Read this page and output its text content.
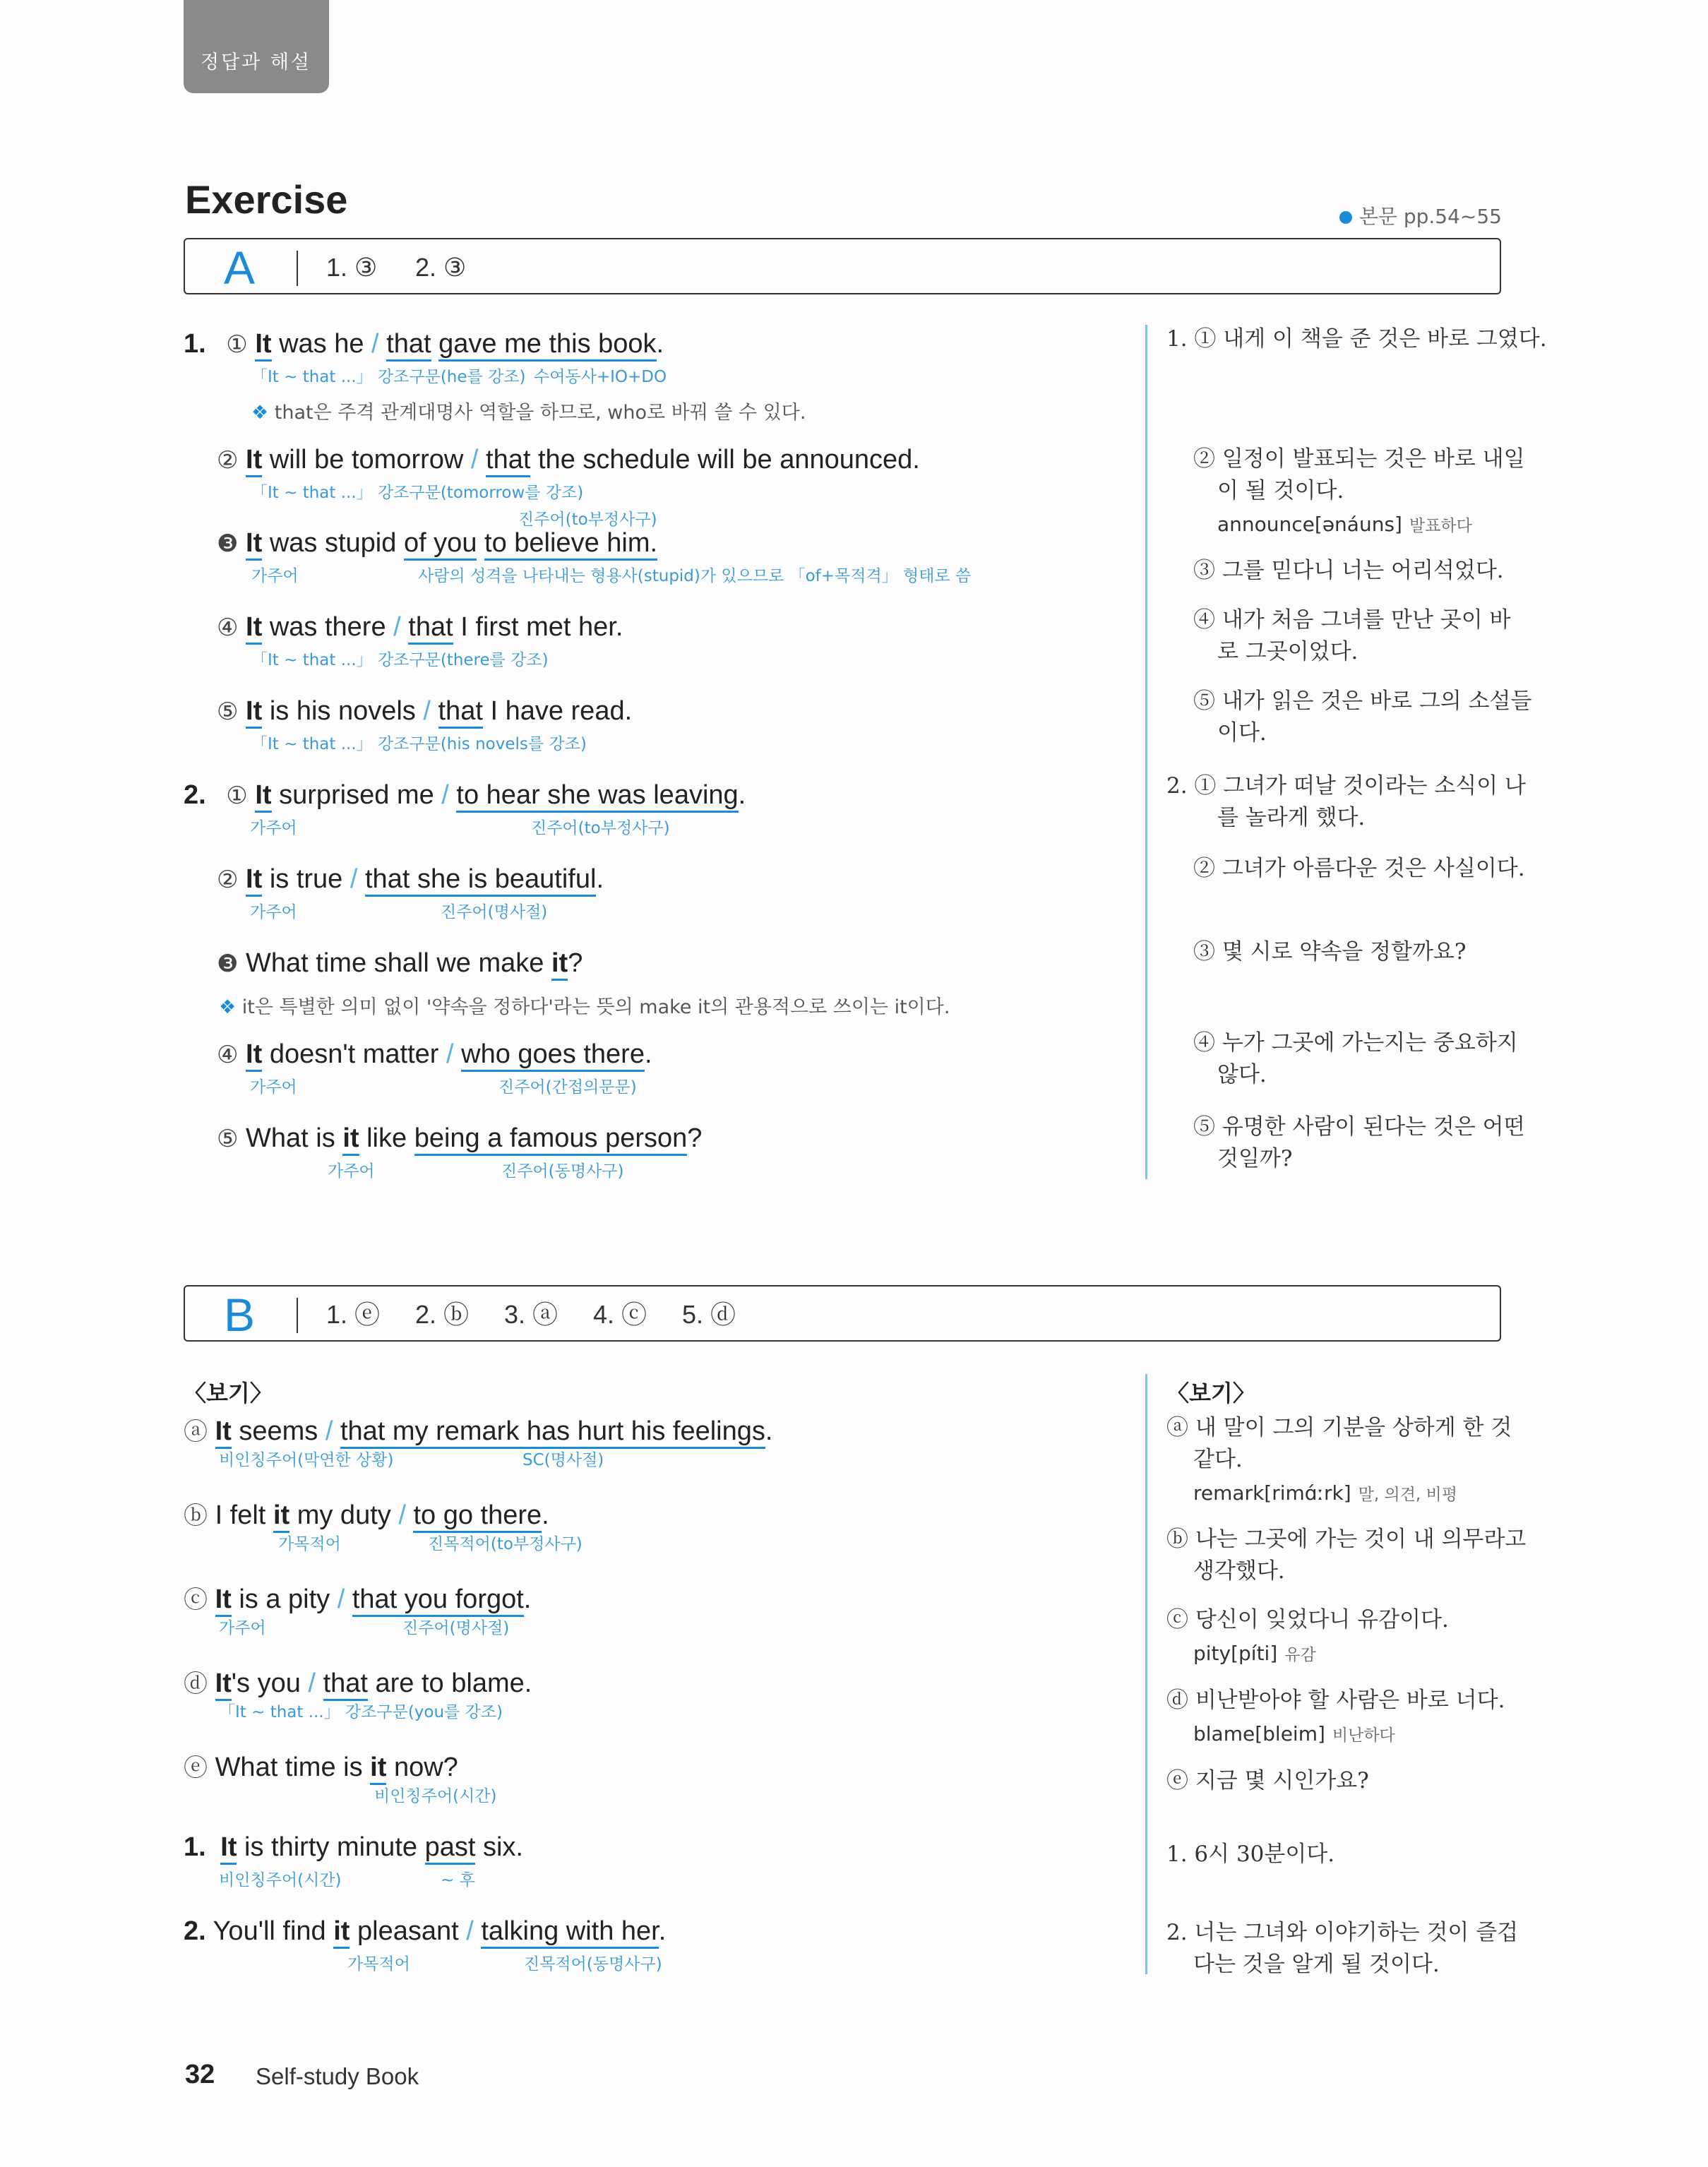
정답과 해설
Exercise	본문 pp.54~55
A	1. ③ 2. ③
1. ① It was he / that gave me this book.
「It ~ that ...」 강조구문(he를 강조) 수여동사+IO+DO
❖ that은 주격 관계대명사 역할을 하므로, who로 바꿔 쓸 수 있다.
② It will be tomorrow / that the schedule will be announced.
「It ~ that ...」 강조구문(tomorrow를 강조)
진주어(to부정사구)
❸ It was stupid of you to believe him.
가주어	사람의 성격을 나타내는 형용사(stupid)가 있으므로 「of+목적격」 형태로 씀
④ It was there / that I first met her.
「It ~ that ...」 강조구문(there를 강조)
⑤ It is his novels / that I have read.
「It ~ that ...」 강조구문(his novels를 강조)
2. ① It surprised me / to hear she was leaving.
가주어	진주어(to부정사구)
② It is true / that she is beautiful.
가주어	진주어(명사절)
❸ What time shall we make it?
❖ it은 특별한 의미 없이 '약속을 정하다'라는 뜻의 make it의 관용적으로 쓰이는 it이다.
④ It doesn't matter / who goes there.
가주어	진주어(간접의문문)
⑤ What is it like being a famous person?
가주어	진주어(동명사구)
1. ① 내게 이 책을 준 것은 바로 그였다.
② 일정이 발표되는 것은 바로 내일
이 될 것이다.
announce[ənáuns] 발표하다
③ 그를 믿다니 너는 어리석었다.
④ 내가 처음 그녀를 만난 곳이 바
로 그곳이었다.
⑤ 내가 읽은 것은 바로 그의 소설들
이다.
2. ① 그녀가 떠날 것이라는 소식이 나
를 놀라게 했다.
② 그녀가 아름다운 것은 사실이다.
③ 몇 시로 약속을 정할까요?
④ 누가 그곳에 가는지는 중요하지
않다.
⑤ 유명한 사람이 된다는 것은 어떤
것일까?
B	1. ⓔ 2. ⓑ 3. ⓐ 4. ⓒ 5. ⓓ
〈보기〉
ⓐ It seems / that my remark has hurt his feelings.
비인칭주어(막연한 상황)	SC(명사절)
ⓑ I felt it my duty / to go there.
가목적어	진목적어(to부정사구)
ⓒ It is a pity / that you forgot.
가주어	진주어(명사절)
ⓓ It's you / that are to blame.
「It ~ that ...」 강조구문(you를 강조)
ⓔ What time is it now?
비인칭주어(시간)
1. It is thirty minute past six.
비인칭주어(시간)	~ 후
2. You'll find it pleasant / talking with her.
가목적어	진목적어(동명사구)
〈보기〉
ⓐ 내 말이 그의 기분을 상하게 한 것
같다.
remark[rimɑ́ːrk] 말, 의견, 비평
ⓑ 나는 그곳에 가는 것이 내 의무라고
생각했다.
ⓒ 당신이 잊었다니 유감이다.
pity[píti] 유감
ⓓ 비난받아야 할 사람은 바로 너다.
blame[bleim] 비난하다
ⓔ 지금 몇 시인가요?
1. 6시 30분이다.
2. 너는 그녀와 이야기하는 것이 즐겁
다는 것을 알게 될 것이다.
32 Self-study Book
